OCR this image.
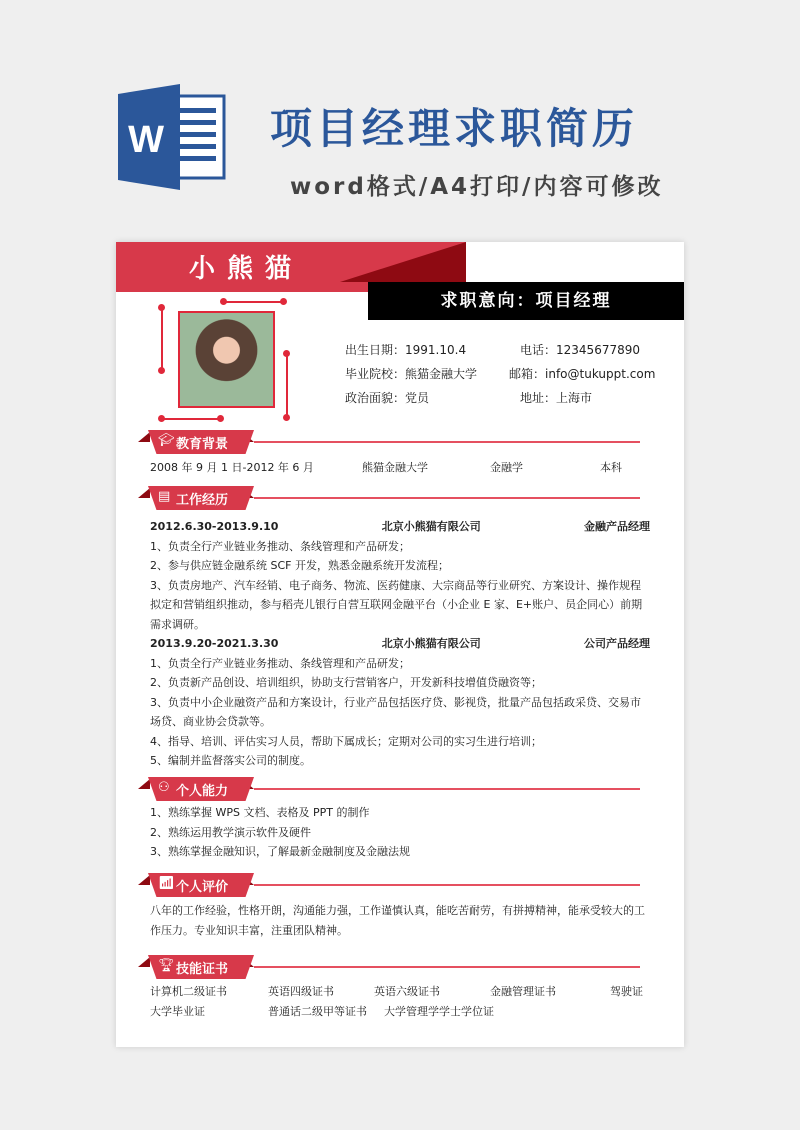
W	项目经理求职简历
word格式/A4打印/内容可修改
小熊猫
求职意向：项目经理
出生日期：1991.10.4	电话：12345677890
毕业院校：熊猫金融大学	邮箱：info@tukuppt.com
政治面貌：党员	地址：上海市
🎓︎ 教育背景
2008 年 9 月 1 日-2012 年 6 月	熊猫金融大学	金融学	本科
▤ 工作经历
2012.6.30-2013.9.10	北京小熊猫有限公司	金融产品经理
1、负责全行产业链业务推动、条线管理和产品研发；
2、参与供应链金融系统 SCF 开发，熟悉金融系统开发流程；
3、负责房地产、汽车经销、电子商务、物流、医药健康、大宗商品等行业研究、方案设计、操作规程拟定和营销组织推动，参与稻壳儿银行自营互联网金融平台（小企业 E 家、E+账户、员企同心）前期需求调研。
2013.9.20-2021.3.30	北京小熊猫有限公司	公司产品经理
1、负责全行产业链业务推动、条线管理和产品研发；
2、负责新产品创设、培训组织，协助支行营销客户，开发新科技增值贷融资等；
3、负责中小企业融资产品和方案设计，行业产品包括医疗贷、影视贷，批量产品包括政采贷、交易市场贷、商业协会贷款等。
4、指导、培训、评估实习人员，帮助下属成长；定期对公司的实习生进行培训；
5、编制并监督落实公司的制度。
⚇ 个人能力
1、熟练掌握 WPS 文档、表格及 PPT 的制作
2、熟练运用教学演示软件及硬件
3、熟练掌握金融知识，了解最新金融制度及金融法规
📶︎ 个人评价
八年的工作经验，性格开朗，沟通能力强，工作谨慎认真，能吃苦耐劳，有拼搏精神，能承受较大的工作压力。专业知识丰富，注重团队精神。
🏆︎ 技能证书
计算机二级证书	英语四级证书	英语六级证书	金融管理证书	驾驶证
大学毕业证	普通话二级甲等证书	大学管理学学士学位证
